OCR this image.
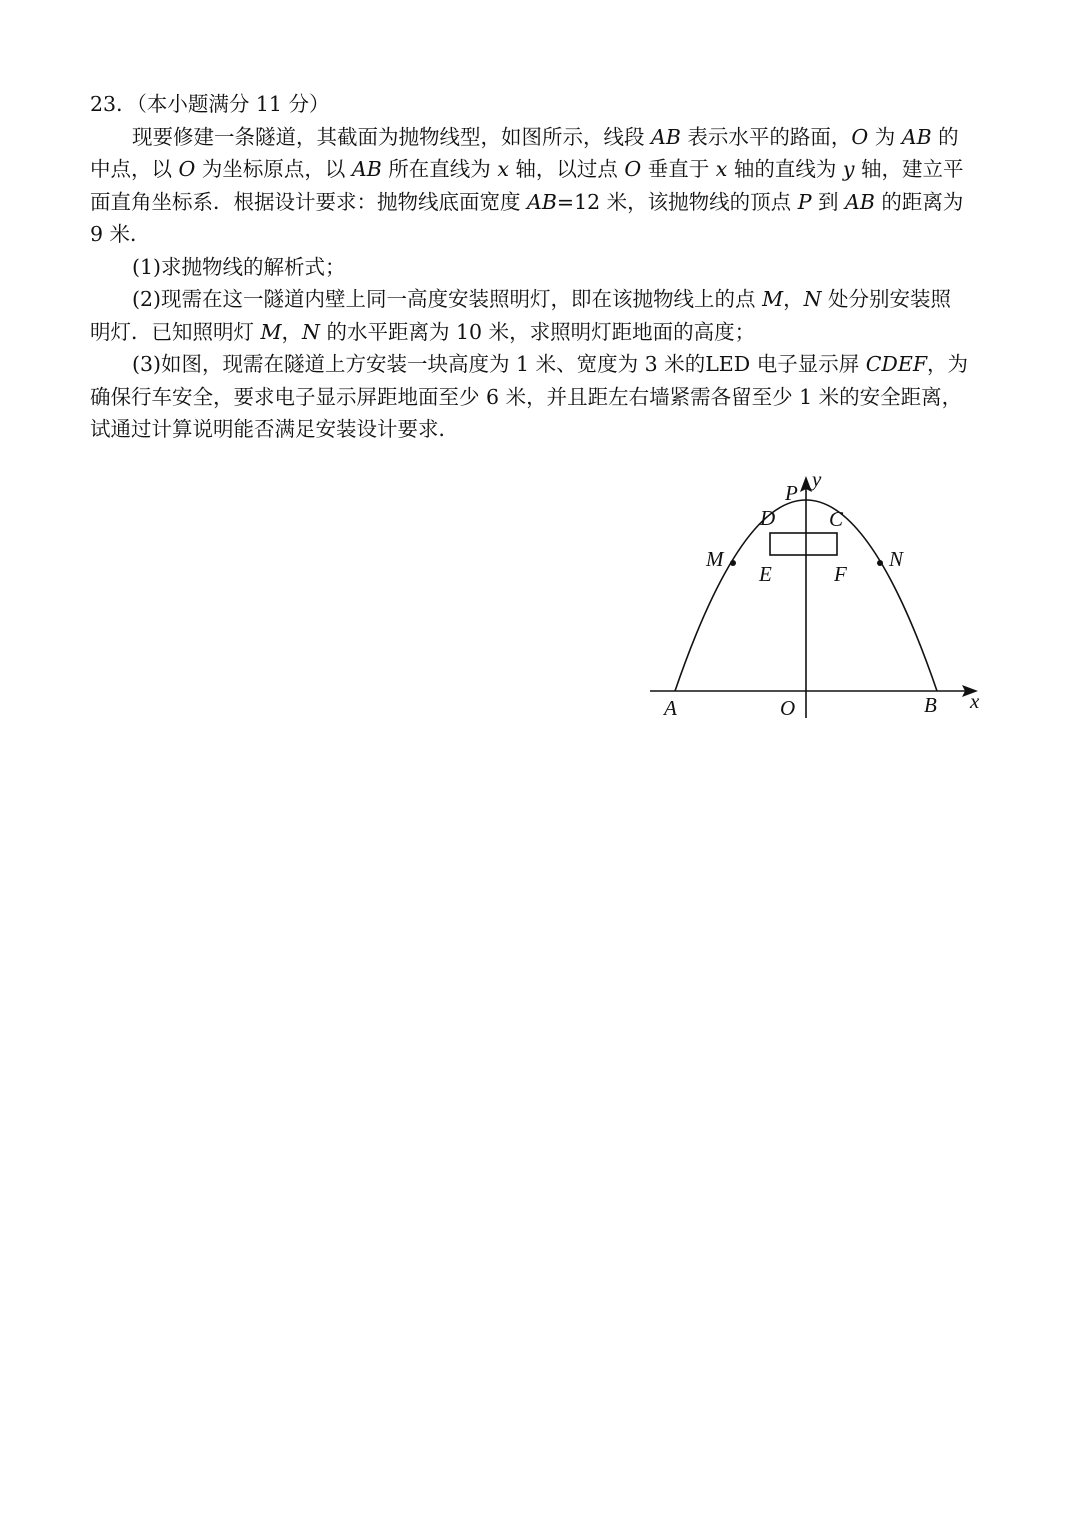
23．（本小题满分 11 分）
现要修建一条隧道，其截面为抛物线型，如图所示，线段 AB 表示水平的路面，O 为 AB 的
中点，以 O 为坐标原点，以 AB 所在直线为 x 轴，以过点 O 垂直于 x 轴的直线为 y 轴，建立平
面直角坐标系．根据设计要求：抛物线底面宽度 AB=12 米，该抛物线的顶点 P 到 AB 的距离为
9 米．
(1)求抛物线的解析式；
(2)现需在这一隧道内壁上同一高度安装照明灯，即在该抛物线上的点 M，N 处分别安装照
明灯．已知照明灯 M，N 的水平距离为 10 米，求照明灯距地面的高度；
(3)如图，现需在隧道上方安装一块高度为 1 米、宽度为 3 米的LED 电子显示屏 CDEF，为
确保行车安全，要求电子显示屏距地面至少 6 米，并且距左右墙紧需各留至少 1 米的安全距离，
试通过计算说明能否满足安装设计要求．
A	B
O
P
y
x
D	C
E	F
M	N
